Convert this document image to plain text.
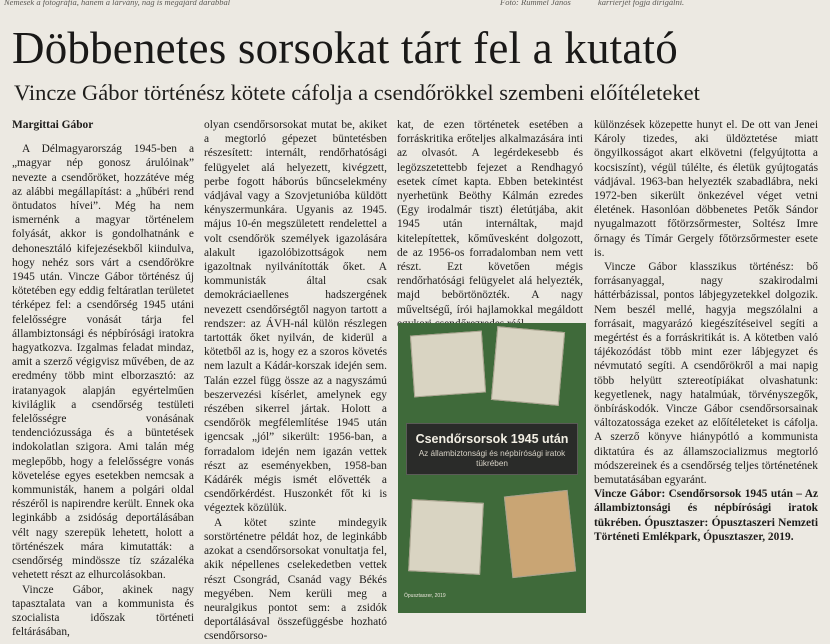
Nemesek a fotográfia, hanem a lárvány, nag is megajárd darabbal	Fotó: Rummel János	karrierjét fogja dirigálni.
Döbbenetes sorsokat tárt fel a kutató
Vincze Gábor történész kötete cáfolja a csendőrökkel szembeni előítéleteket

Margittai Gábor

A Délmagyarország 1945-ben a „magyar nép gonosz árulóinak” nevezte a csendőröket, hozzátéve még az alábbi megállapítást: a „hűbéri rend öntudatos hívei”. Még ha nem ismernénk a magyar történelem folyását, akkor is gondolhatnánk e dehonesztáló kifejezésekből kiindulva, hogy nehéz sors várt a csendőrökre 1945 után. Vincze Gábor történész új kötetében egy eddig feltáratlan területet térképez fel: a csendőrség 1945 utáni felelősségre vonását tárja fel állambiztonsági és népbírósági iratokra hagyatkozva. Izgalmas feladat mindaz, amit a szerző végigvisz művében, de az eredmény több mint elborzasztó: az iratanyagok alapján egyértelműen kiviláglik a csendőrség testületi felelősségre vonásának tendenciózussága és a büntetések indokolatlan szigora. Ami talán még meglepőbb, hogy a felelősségre vonás követelése egyes esetekben nemcsak a kommunisták, hanem a polgári oldal részéről is napirendre került. Ennek oka leginkább a zsidóság deportálásában vélt nagy szerepük lehetett, holott a történészek mára kimutatták: a csendőrség mindössze tíz százaléka vehetett részt az elhurcolásokban.

Vincze Gábor, akinek nagy tapasztalata van a kommunista és szocialista időszak történeti feltárásában,

olyan csendőrsorsokat mutat be, akiket a megtorló gépezet büntetésben részesített: internált, rendőrhatósági felügyelet alá helyezett, kivégzett, perbe fogott háborús bűncselekmény vádjával vagy a Szovjetunióba küldött kényszermunkára. Ugyanis az 1945. május 10-én megszületett rendelettel a volt csendőrök személyek igazolására alakult igazolóbizottságok nem igazoltnak nyilvánították őket. A kommunisták által csak demokráciaellenes hadszergének nevezett csendőrségtől nagyon tartott a rendszer: az ÁVH-nál külön részlegen tartották őket nyilván, de kiderül a kötetből az is, hogy ez a szoros követés nem lazult a Kádár-korszak idején sem. Talán ezzel függ össze az a nagyszámú beszervezési kísérlet, amelynek egy részében sikerrel jártak. Holott a csendőrök megfélemlítése 1945 után igencsak „jól” sikerült: 1956-ban, a forradalom idején nem igazán vettek részt az eseményekben, 1958-ban Kádárék mégis ismét elővették a csendőrkérdést. Huszonkét főt ki is végeztek közülük.

A kötet szinte mindegyik sorstörténetre példát hoz, de leginkább azokat a csendőrsorsokat vonultatja fel, akik népellenes cselekedetben vettek részt Csongrád, Csanád vagy Békés megyében. Nem kerüli meg a neuralgikus pontot sem: a zsidók deportálásával összefüggésbe hozható csendőrsorso-

kat, de ezen történetek esetében a forráskritika erőteljes alkalmazására inti az olvasót. A legérdekesebb és legözszetettebb fejezet a Rendhagyó esetek címet kapta. Ebben betekintést nyerhetünk Beöthy Kálmán ezredes (Egy irodalmár tiszt) életútjába, akit 1945 után internáltak, majd kitelepítettek, kőművesként dolgozott, de az 1956-os forradalomban nem vett részt. Ezt követően mégis rendőrhatósági felügyelet alá helyezték, majd bebörtönözték. A nagy műveltségű, írói hajlamokkal megáldott

Csendőrsorsok 1945 után
Az állambiztonsági és népbírósági iratok tükrében
Ópusztaszer, 2019

különzések közepette hunyt el. De ott van Jenei Károly tizedes, aki üldöztetése miatt öngyilkosságot akart elkövetni (felgyújtotta a kocsiszínt), végül túlélte, és életük gyújtogatás vádjával. 1963-ban helyezték szabadlábra, neki 1972-ben sikerült önkezével véget vetni életének. Hasonlóan döbbenetes Petők Sándor nyugalmazott főtörzsőrmester, Soltész Imre őrnagy és Tímár Gergely főtörzsőrmester esete is.

Vincze Gábor klasszikus történész: bő forrásanyaggal, nagy szakirodalmi háttérbázissal, pontos lábjegyzetekkel dolgozik. Nem beszél mellé, hagyja megszólalni a forrásait, magyarázó kiegészítéseivel segíti a megértést és a forráskritikát is. A kötetben való tájékozódást több mint ezer lábjegyzet és névmutató segíti. A csendőrökről a mai napig több helyütt sztereotípiákat olvashatunk: kegyetlenek, nagy hatalmúak, törvényszegők, önbíráskodók. Vincze Gábor csendőrsorsainak változatossága ezeket az előítéleteket is cáfolja. A szerző könyve hiánypótló a kommunista diktatúra és az államszocializmus megtorló módszereinek és a csendőrség teljes történetének bemutatásában egyaránt.

Vincze Gábor: Csendőrsorsok 1945 után – Az állambiztonsági és népbírósági iratok tükrében. Ópusztaszer: Ópusztaszeri Nemzeti Történeti Emlékpark, Ópusztaszer, 2019.
